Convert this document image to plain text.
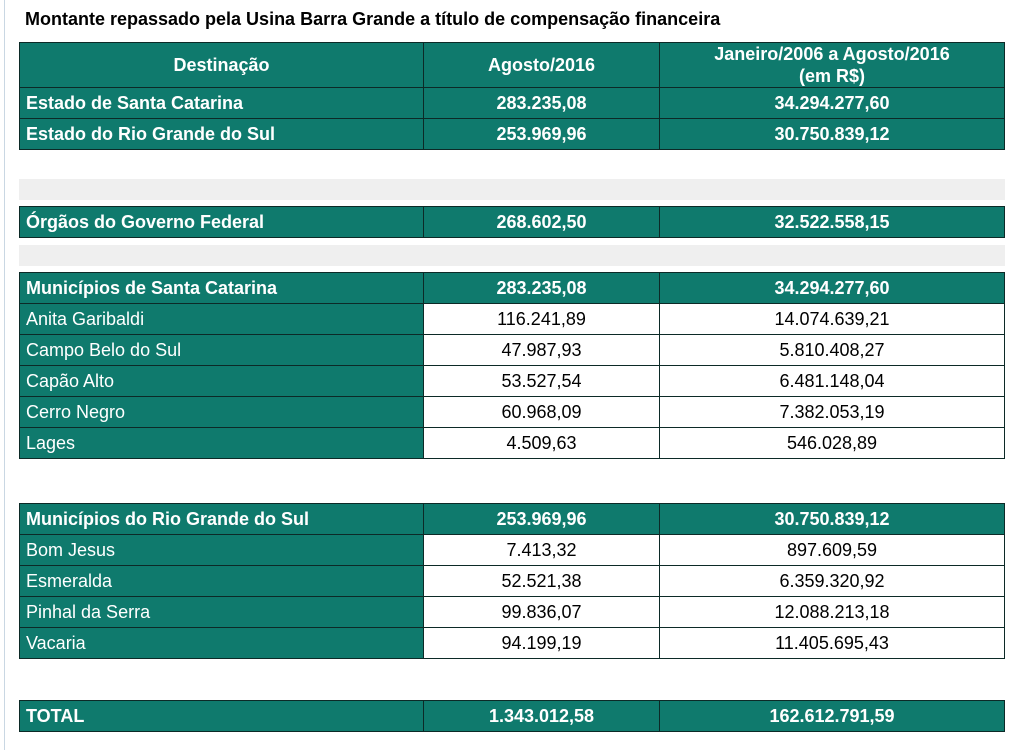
Montante repassado pela Usina Barra Grande a título de compensação financeira
Destinação	Agosto/2016	Janeiro/2006 a Agosto/2016
(em R$)

Estado de Santa Catarina	283.235,08	34.294.277,60
Estado do Rio Grande do Sul	253.969,96	30.750.839,12
Órgãos do Governo Federal	268.602,50	32.522.558,15
Municípios de Santa Catarina	283.235,08	34.294.277,60
Anita Garibaldi	116.241,89	14.074.639,21
Campo Belo do Sul	47.987,93	5.810.408,27
Capão Alto	53.527,54	6.481.148,04
Cerro Negro	60.968,09	7.382.053,19
Lages	4.509,63	546.028,89
Municípios do Rio Grande do Sul	253.969,96	30.750.839,12
Bom Jesus	7.413,32	897.609,59
Esmeralda	52.521,38	6.359.320,92
Pinhal da Serra	99.836,07	12.088.213,18
Vacaria	94.199,19	11.405.695,43
TOTAL	1.343.012,58	162.612.791,59
